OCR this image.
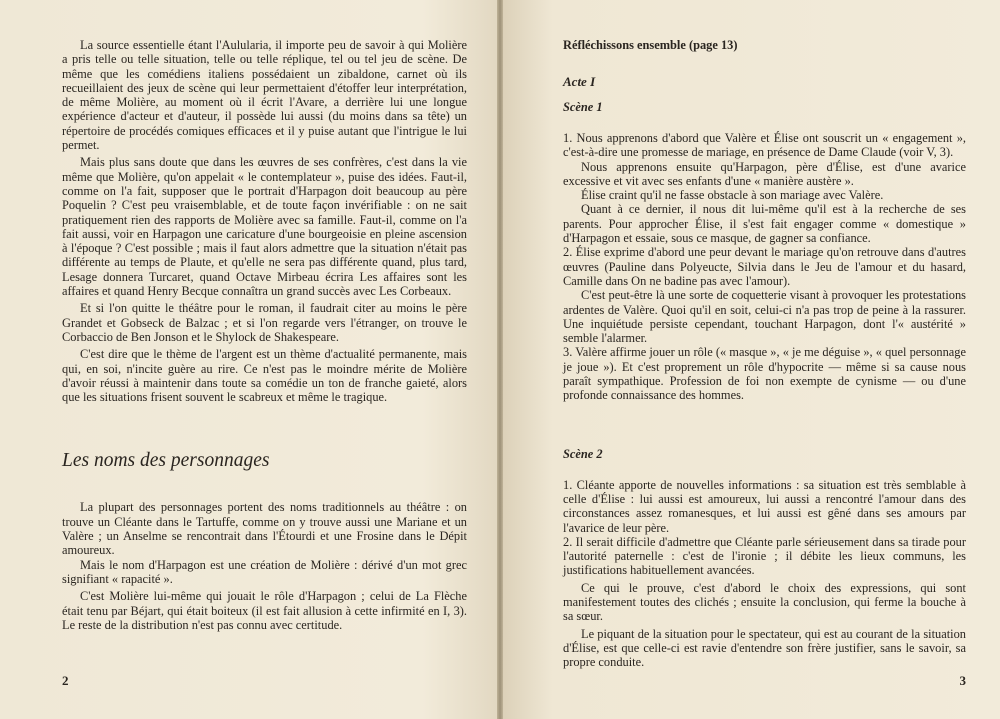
La source essentielle étant l'Aulularia, il importe peu de savoir à qui Molière a pris telle ou telle situation, telle ou telle réplique, tel ou tel jeu de scène. De même que les comédiens italiens possédaient un zibaldone, carnet où ils recueillaient des jeux de scène qui leur permettaient d'étoffer leur interprétation, de même Molière, au moment où il écrit l'Avare, a derrière lui une longue expérience d'acteur et d'auteur, il possède lui aussi (du moins dans sa tête) un répertoire de procédés comiques efficaces et il y puise autant que l'intrigue le lui permet.

Mais plus sans doute que dans les œuvres de ses confrères, c'est dans la vie même que Molière, qu'on appelait « le contemplateur », puise des idées. Faut-il, comme on l'a fait, supposer que le portrait d'Harpagon doit beaucoup au père Poquelin ? C'est peu vraisemblable, et de toute façon invérifiable : on ne sait pratiquement rien des rapports de Molière avec sa famille. Faut-il, comme on l'a fait aussi, voir en Harpagon une caricature d'une bourgeoisie en pleine ascension à l'époque ? C'est possible ; mais il faut alors admettre que la situation n'était pas différente au temps de Plaute, et qu'elle ne sera pas différente quand, plus tard, Lesage donnera Turcaret, quand Octave Mirbeau écrira Les affaires sont les affaires et quand Henry Becque connaîtra un grand succès avec Les Corbeaux.

Et si l'on quitte le théâtre pour le roman, il faudrait citer au moins le père Grandet et Gobseck de Balzac ; et si l'on regarde vers l'étranger, on trouve le Corbaccio de Ben Jonson et le Shylock de Shakespeare.

C'est dire que le thème de l'argent est un thème d'actualité permanente, mais qui, en soi, n'incite guère au rire. Ce n'est pas le moindre mérite de Molière d'avoir réussi à maintenir dans toute sa comédie un ton de franche gaieté, alors que les situations frisent souvent le scabreux et même le tragique.

Les noms des personnages

La plupart des personnages portent des noms traditionnels au théâtre : on trouve un Cléante dans le Tartuffe, comme on y trouve aussi une Mariane et un Valère ; un Anselme se rencontrait dans l'Étourdi et une Frosine dans le Dépit amoureux.

Mais le nom d'Harpagon est une création de Molière : dérivé d'un mot grec signifiant « rapacité ».

C'est Molière lui-même qui jouait le rôle d'Harpagon ; celui de La Flèche était tenu par Béjart, qui était boiteux (il est fait allusion à cette infirmité en I, 3). Le reste de la distribution n'est pas connu avec certitude.

2
Réfléchissons ensemble (page 13)
Acte I
Scène 1

1. Nous apprenons d'abord que Valère et Élise ont souscrit un « engagement », c'est-à-dire une promesse de mariage, en présence de Dame Claude (voir V, 3).

Nous apprenons ensuite qu'Harpagon, père d'Élise, est d'une avarice excessive et vit avec ses enfants d'une « manière austère ».

Élise craint qu'il ne fasse obstacle à son mariage avec Valère.

Quant à ce dernier, il nous dit lui-même qu'il est à la recherche de ses parents. Pour approcher Élise, il s'est fait engager comme « domestique » d'Harpagon et essaie, sous ce masque, de gagner sa confiance.

2. Élise exprime d'abord une peur devant le mariage qu'on retrouve dans d'autres œuvres (Pauline dans Polyeucte, Silvia dans le Jeu de l'amour et du hasard, Camille dans On ne badine pas avec l'amour).

C'est peut-être là une sorte de coquetterie visant à provoquer les protestations ardentes de Valère. Quoi qu'il en soit, celui-ci n'a pas trop de peine à la rassurer. Une inquiétude persiste cependant, touchant Harpagon, dont l'« austérité » semble l'alarmer.

3. Valère affirme jouer un rôle (« masque », « je me déguise », « quel personnage je joue »). Et c'est proprement un rôle d'hypocrite — même si sa cause nous paraît sympathique. Profession de foi non exempte de cynisme — ou d'une profonde connaissance des hommes.

Scène 2

1. Cléante apporte de nouvelles informations : sa situation est très semblable à celle d'Élise : lui aussi est amoureux, lui aussi a rencontré l'amour dans des circonstances assez romanesques, et lui aussi est gêné dans ses amours par l'avarice de leur père.

2. Il serait difficile d'admettre que Cléante parle sérieusement dans sa tirade pour l'autorité paternelle : c'est de l'ironie ; il débite les lieux communs, les justifications habituellement avancées.

Ce qui le prouve, c'est d'abord le choix des expressions, qui sont manifestement toutes des clichés ; ensuite la conclusion, qui ferme la bouche à sa sœur.

Le piquant de la situation pour le spectateur, qui est au courant de la situation d'Élise, est que celle-ci est ravie d'entendre son frère justifier, sans le savoir, sa propre conduite.

3
